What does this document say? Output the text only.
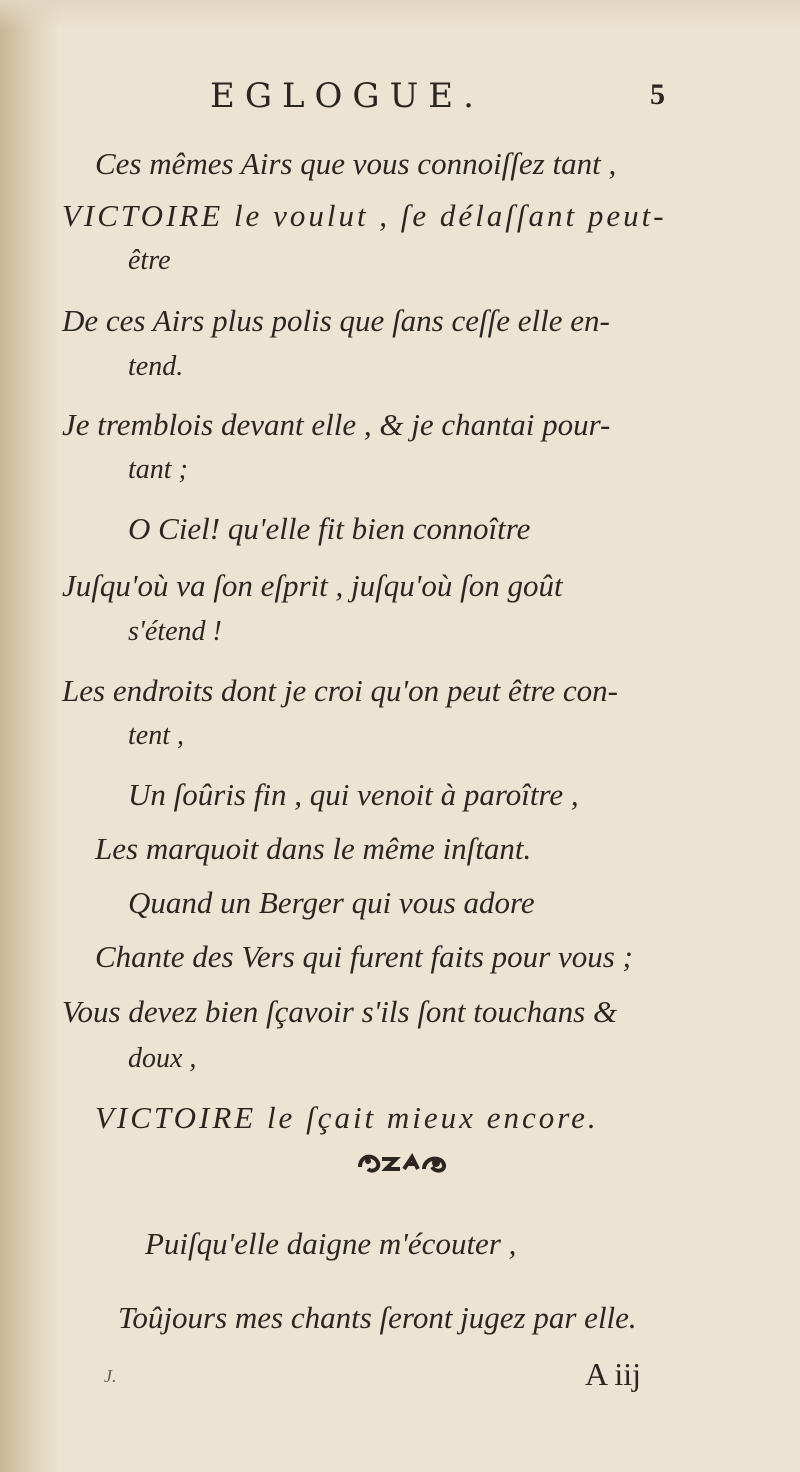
EGLOGUE.	5
Ces mêmes Airs que vous connoiſſez tant ,
VICTOIRE le voulut , ſe délaſſant peut-
être
De ces Airs plus polis que ſans ceſſe elle en-
tend.
Je tremblois devant elle , & je chantai pour-
tant ;
O Ciel! qu'elle fit bien connoître
Juſqu'où va ſon eſprit , juſqu'où ſon goût
s'étend !
Les endroits dont je croi qu'on peut être con-
tent ,
Un ſoûris fin , qui venoit à paroître ,
Les marquoit dans le même inſtant.
Quand un Berger qui vous adore
Chante des Vers qui furent faits pour vous ;
Vous devez bien ſçavoir s'ils ſont touchans &
doux ,
VICTOIRE le ſçait mieux encore.
Puiſqu'elle daigne m'écouter ,
Toûjours mes chants ſeront jugez par elle.
J.	A iij
